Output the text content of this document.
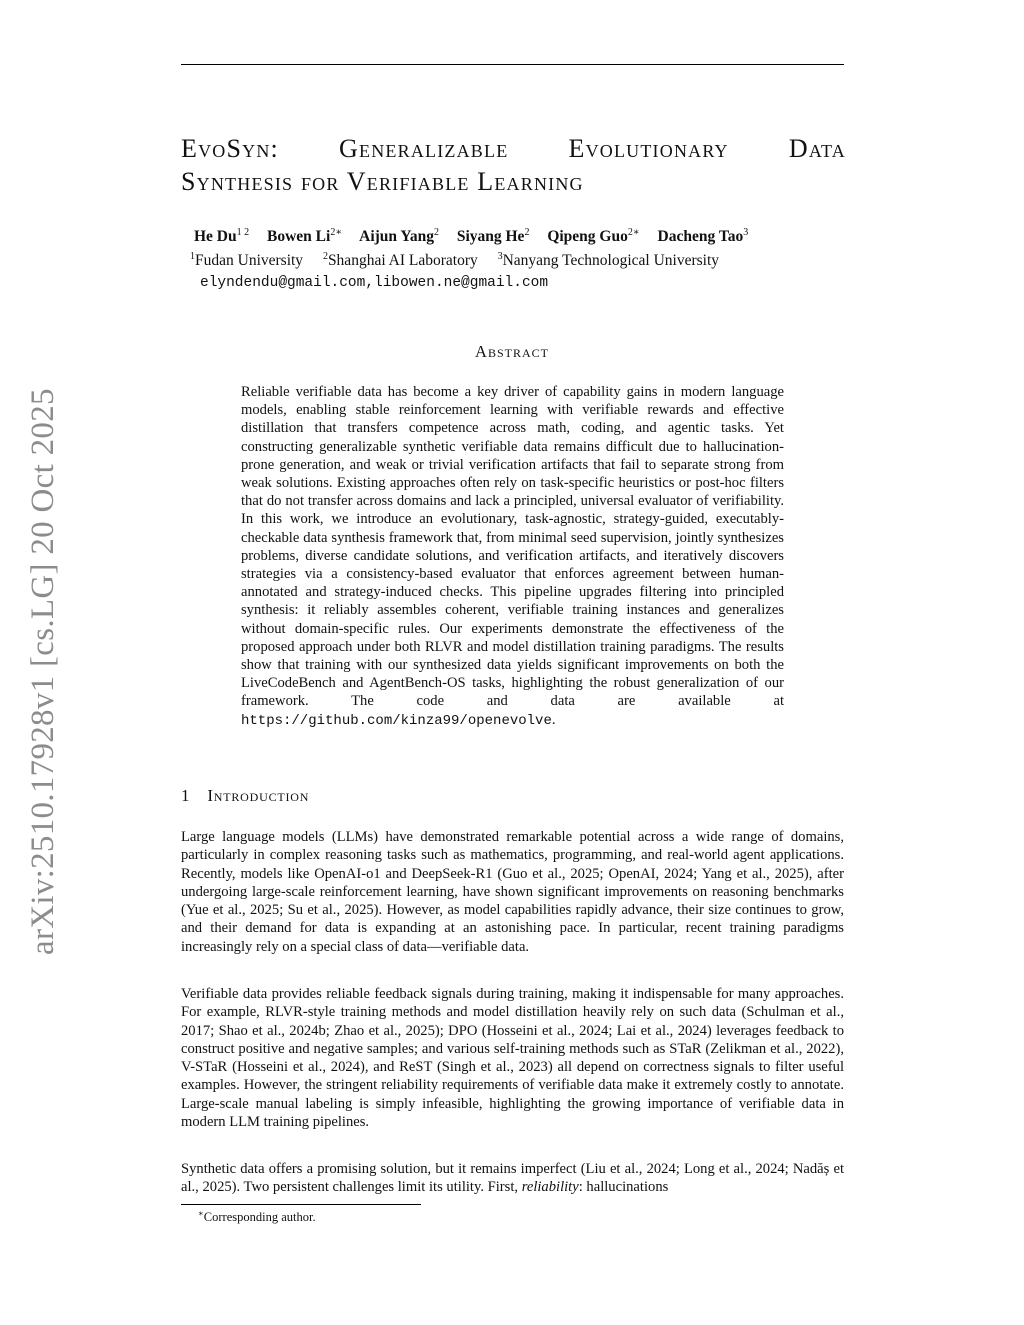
arXiv:2510.17928v1 [cs.LG] 20 Oct 2025
EvoSyn: Generalizable Evolutionary Data
Synthesis for Verifiable Learning
He $Du^{1 2}$ Bowen $Li^{2∗}$ Aijun Yang$^2$ Siyang He$^2$ Qipeng Guo$^{2∗}$ Dacheng Tao$^3$
$^1$Fudan University $^2$Shanghai AI Laboratory $^3$Nanyang Technological University
elyndendu@gmail.com,libowen.ne@gmail.com
Abstract

Reliable verifiable data has become a key driver of capability gains in modern language models, enabling stable reinforcement learning with verifiable rewards and effective distillation that transfers competence across math, coding, and agentic tasks. Yet constructing generalizable synthetic verifiable data remains difficult due to hallucination-prone generation, and weak or trivial verification artifacts that fail to separate strong from weak solutions. Existing approaches often rely on task-specific heuristics or post-hoc filters that do not transfer across domains and lack a principled, universal evaluator of verifiability. In this work, we introduce an evolutionary, task-agnostic, strategy-guided, executably-checkable data synthesis framework that, from minimal seed supervision, jointly synthesizes problems, diverse candidate solutions, and verification artifacts, and iteratively discovers strategies via a consistency-based evaluator that enforces agreement between human-annotated and strategy-induced checks. This pipeline upgrades filtering into principled synthesis: it reliably assembles coherent, verifiable training instances and generalizes without domain-specific rules. Our experiments demonstrate the effectiveness of the proposed approach under both RLVR and model distillation training paradigms. The results show that training with our synthesized data yields significant improvements on both the LiveCodeBench and AgentBench-OS tasks, highlighting the robust generalization of our framework. The code and data are available at https://github.com/kinza99/openevolve.

1 Introduction

Large language models (LLMs) have demonstrated remarkable potential across a wide range of domains, particularly in complex reasoning tasks such as mathematics, programming, and real-world agent applications. Recently, models like OpenAI-o1 and DeepSeek-R1 (Guo et al., 2025; OpenAI, 2024; Yang et al., 2025), after undergoing large-scale reinforcement learning, have shown significant improvements on reasoning benchmarks (Yue et al., 2025; Su et al., 2025). However, as model capabilities rapidly advance, their size continues to grow, and their demand for data is expanding at an astonishing pace. In particular, recent training paradigms increasingly rely on a special class of data—verifiable data.

Verifiable data provides reliable feedback signals during training, making it indispensable for many approaches. For example, RLVR-style training methods and model distillation heavily rely on such data (Schulman et al., 2017; Shao et al., 2024b; Zhao et al., 2025); DPO (Hosseini et al., 2024; Lai et al., 2024) leverages feedback to construct positive and negative samples; and various self-training methods such as STaR (Zelikman et al., 2022), V-STaR (Hosseini et al., 2024), and ReST (Singh et al., 2023) all depend on correctness signals to filter useful examples. However, the stringent reliability requirements of verifiable data make it extremely costly to annotate. Large-scale manual labeling is simply infeasible, highlighting the growing importance of verifiable data in modern LLM training pipelines.

Synthetic data offers a promising solution, but it remains imperfect (Liu et al., 2024; Long et al., 2024; Nadăș et al., 2025). Two persistent challenges limit its utility. First, reliability: hallucinations

∗Corresponding author.
